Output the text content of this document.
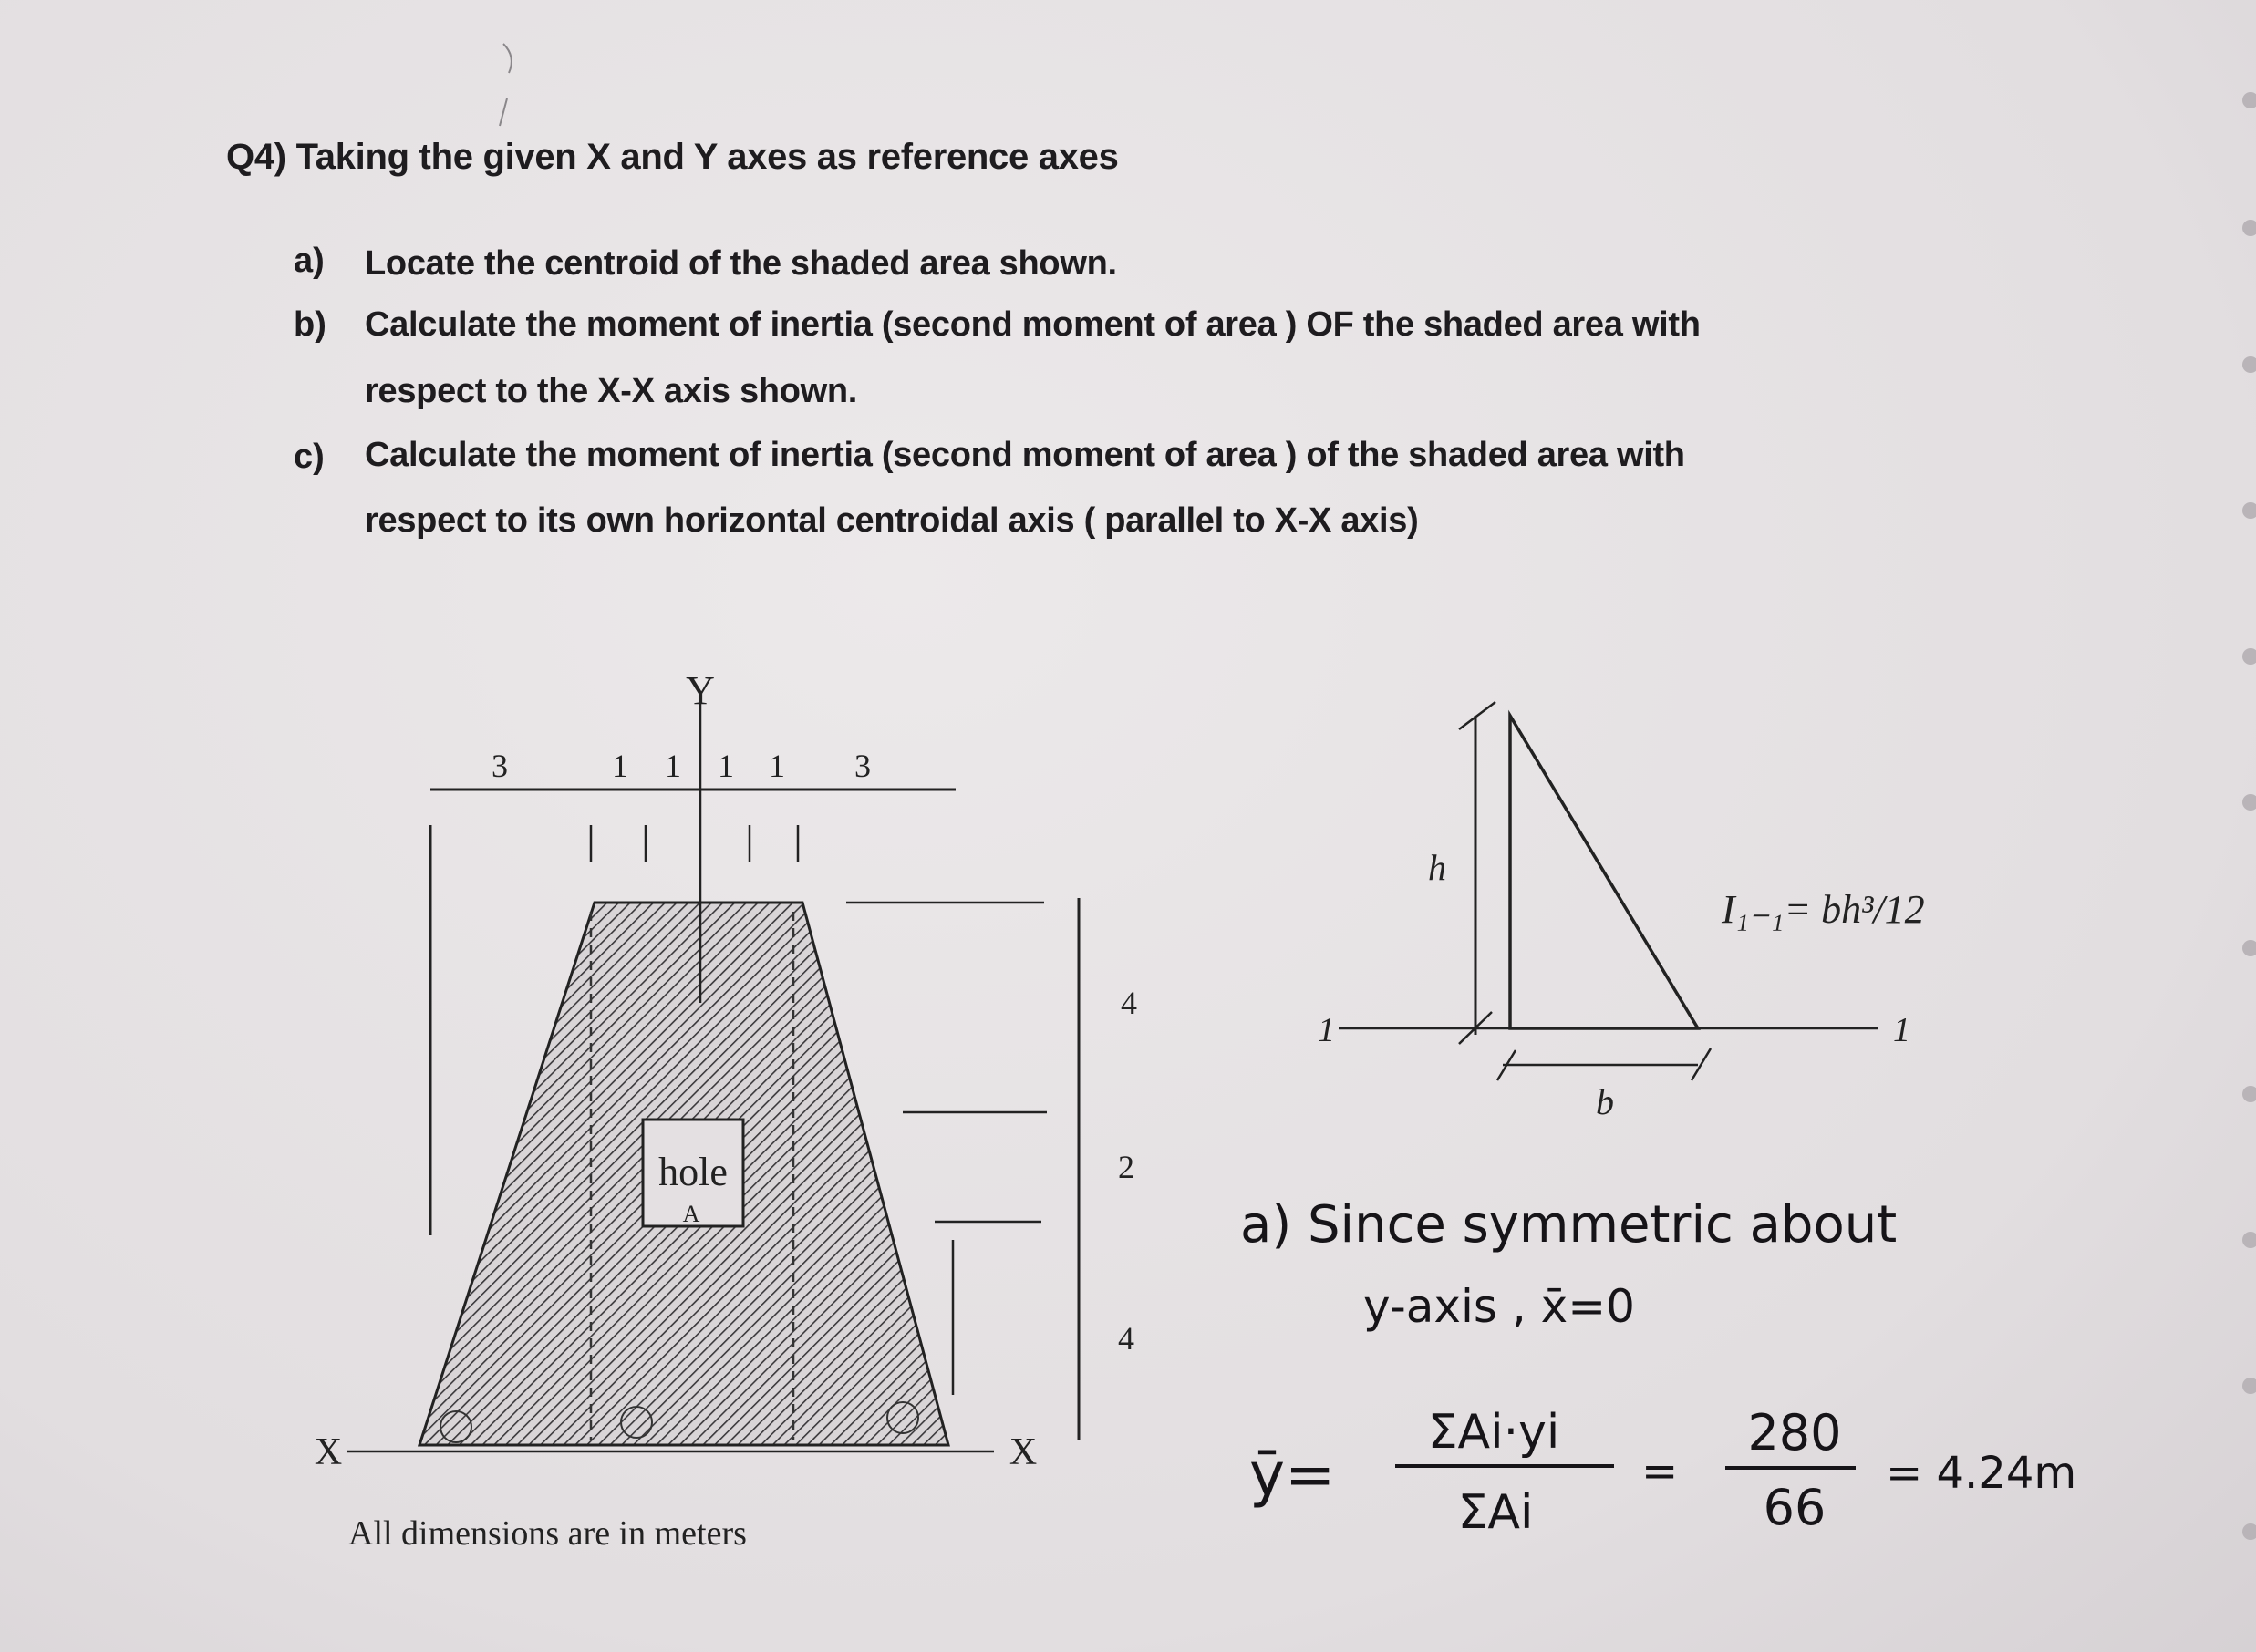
Q4) Taking the given X and Y axes as reference axes
a) Locate the centroid of the shaded area shown.
b) Calculate the moment of inertia (second moment of area ) OF the shaded area with
respect to the X-X axis shown.
c) Calculate the moment of inertia (second moment of area ) of the shaded area with
respect to its own horizontal centroidal axis ( parallel to X-X axis)
hole
A
Y
X	X
3	1 1 1 1 3
4
2
4
All dimensions are in meters
h
b
1	1
I₁₋₁= bh³/12
a) Since symmetric about
y-axis , x̄=0
ȳ=
ΣAi·yi
ΣAi
=
280
66
= 4.24m
